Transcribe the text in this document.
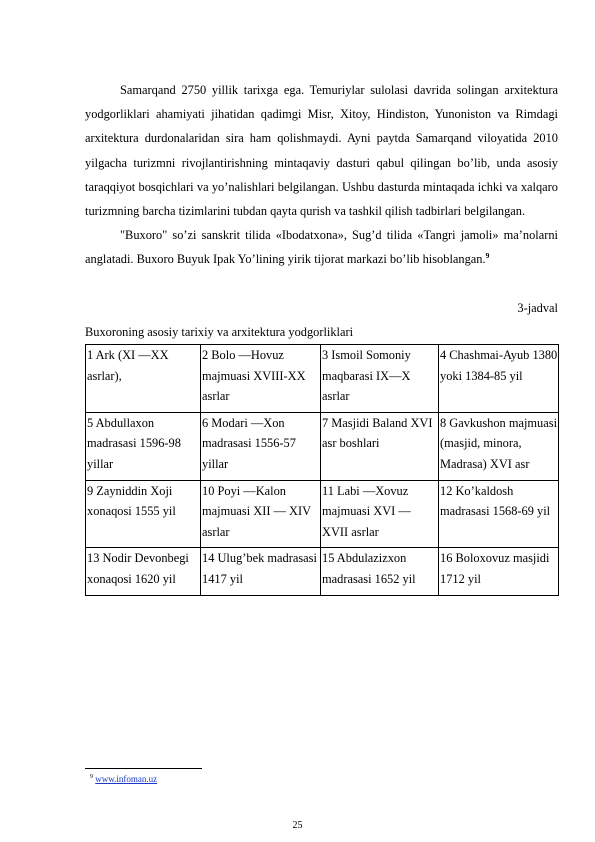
Samarqand 2750 yillik tarixga ega. Temuriylar sulolasi davrida solingan arxitektura yodgorliklari ahamiyati jihatidan qadimgi Misr, Xitoy, Hindiston, Yunoniston va Rimdagi arxitektura durdonalaridan sira ham qolishmaydi. Ayni paytda Samarqand viloyatida 2010 yilgacha turizmni rivojlantirishning mintaqaviy dasturi qabul qilingan bo’lib, unda asosiy taraqqiyot bosqichlari va yo’nalishlari belgilangan. Ushbu dasturda mintaqada ichki va xalqaro turizmning barcha tizimlarini tubdan qayta qurish va tashkil qilish tadbirlari belgilangan.

"Buxoro" so’zi sanskrit tilida «Ibodatxona», Sug’d tilida «Tangri jamoli» ma’nolarni anglatadi. Buxoro Buyuk Ipak Yo’lining yirik tijorat markazi bo’lib hisoblangan.$^9$

3-jadval

Buxoroning asosiy tarixiy va arxitektura yodgorliklari

1 Ark (XI —XX asrlar),	2 Bolo —Hovuz majmuasi XVIII-XX asrlar	3 Ismoil Somoniy maqbarasi IX—X asrlar	4 Chashmai-Ayub 1380 yoki 1384-85 yil
5 Abdullaxon madrasasi 1596-98 yillar	6 Modari —Xon madrasasi 1556-57 yillar	7 Masjidi Baland XVI asr boshlari	8 Gavkushon majmuasi (masjid, minora, Madrasa) XVI asr
9 Zayniddin Xoji xonaqosi 1555 yil	10 Poyi —Kalon majmuasi XII — XIV asrlar	11 Labi —Xovuz majmuasi XVI — XVII asrlar	12 Ko’kaldosh madrasasi 1568-69 yil
13 Nodir Devonbegi xonaqosi 1620 yil	14 Ulug’bek madrasasi 1417 yil	15 Abdulazizxon madrasasi 1652 yil	16 Boloxovuz masjidi 1712 yil
$^9$ www.infoman.uz
25
